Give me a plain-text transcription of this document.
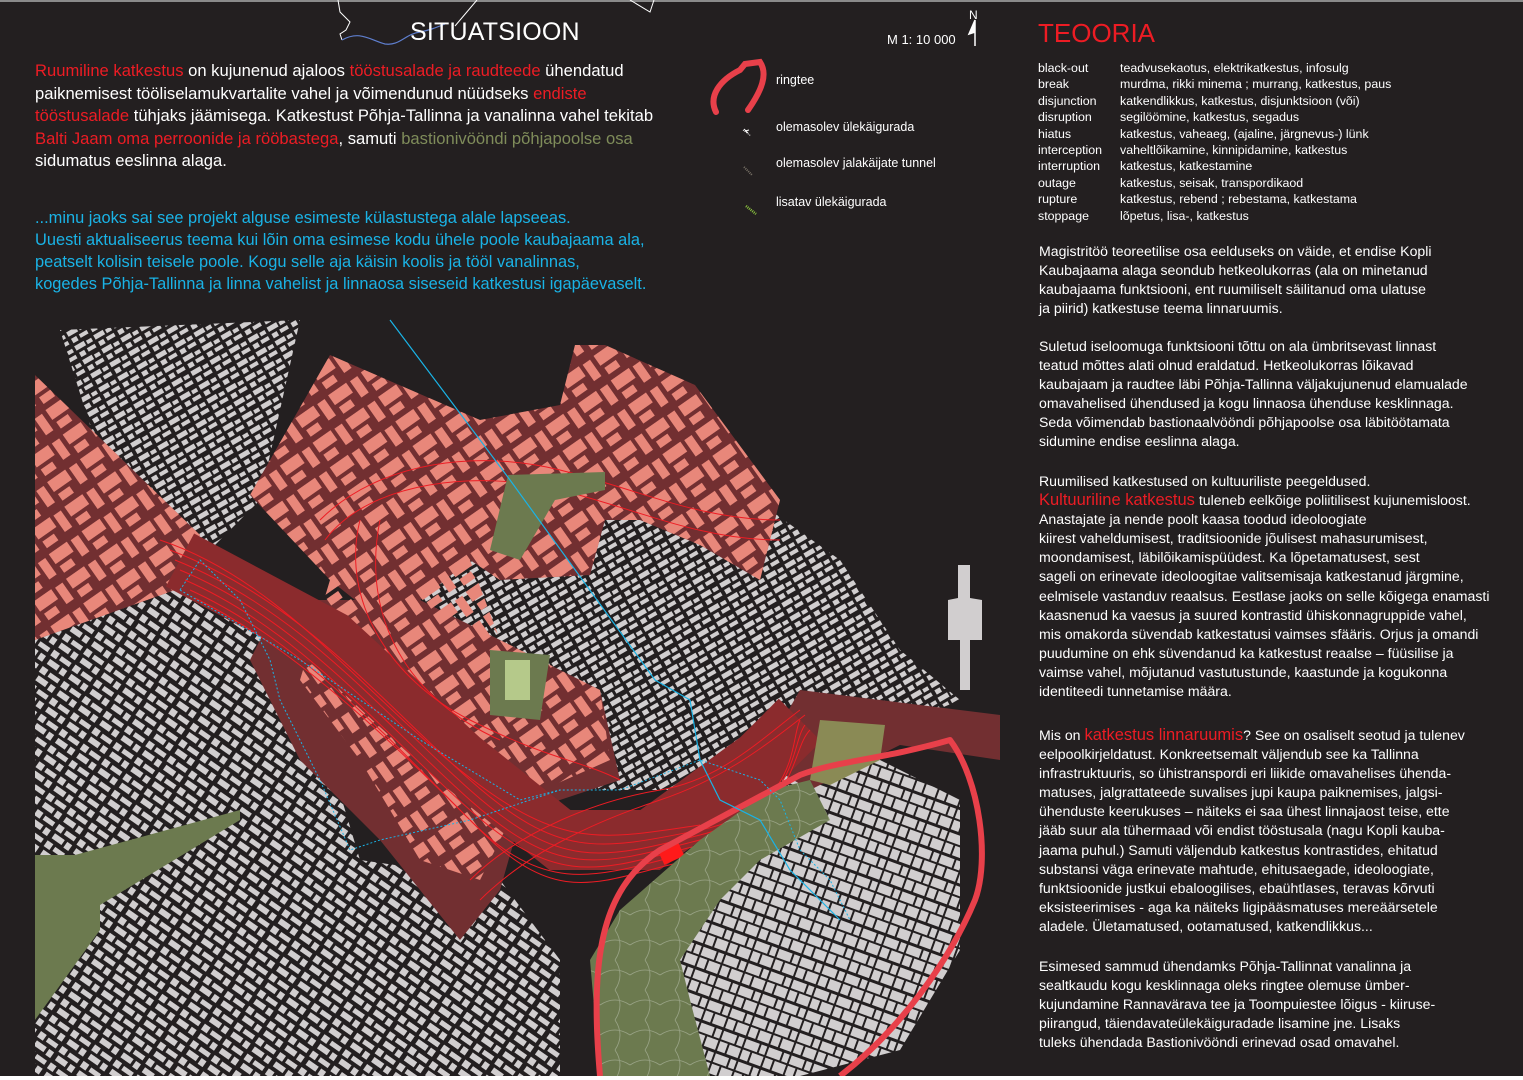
SITUATSIOON
N
M 1: 10 000
Ruumiline katkestus on kujunenud ajaloos tööstusalade ja raudteede ühendatud paiknemisest tööliselamukvartalite vahel ja võimendunud nüüdseks endiste tööstusalade tühjaks jäämisega. Katkestust Põhja-Tallinna ja vanalinna vahel tekitab Balti Jaam oma perroonide ja rööbastega, samuti bastionivööndi põhjapoolse osa sidumatus eeslinna alaga.
...minu jaoks sai see projekt alguse esimeste külastustega alale lapseeas.
Uuesti aktualiseerus teema kui lõin oma esimese kodu ühele poole kaubajaama ala,
peatselt kolisin teisele poole. Kogu selle aja käisin koolis ja tööl vanalinnas,
kogedes Põhja-Tallinna ja linna vahelist ja linnaosa siseseid katkestusi igapäevaselt.
ringtee
olemasolev ülekäigurada
olemasolev jalakäijate tunnel
lisatav ülekäigurada
TEOORIA
black-out	teadvusekaotus, elektrikatkestus, infosulg
break	murdma, rikki minema ; murrang, katkestus, paus
disjunction	katkendlikkus, katkestus, disjunktsioon (või)
disruption	segilöömine, katkestus, segadus
hiatus	katkestus, vaheaeg, (ajaline, järgnevus-) lünk
interception	vaheltlõikamine, kinnipidamine, katkestus
interruption	katkestus, katkestamine
outage	katkestus, seisak, transpordikaod
rupture	katkestus, rebend ; rebestama, katkestama
stoppage	lõpetus, lisa-, katkestus
Magistritöö teoreetilise osa eelduseks on väide, et endise Kopli
Kaubajaama alaga seondub hetkeolukorras (ala on minetanud
kaubajaama funktsiooni, ent ruumiliselt säilitanud oma ulatuse
ja piirid) katkestuse teema linnaruumis.
Suletud iseloomuga funktsiooni tõttu on ala ümbritsevast linnast
teatud mõttes alati olnud eraldatud. Hetkeolukorras lõikavad
kaubajaam ja raudtee läbi Põhja-Tallinna väljakujunenud elamualade
omavahelised ühendused ja kogu linnaosa ühenduse kesklinnaga.
Seda võimendab bastionaalvööndi põhjapoolse osa läbitöötamata
sidumine endise eeslinna alaga.
Ruumilised katkestused on kultuuriliste peegeldused.
Kultuuriline katkestus tuleneb eelkõige poliitilisest kujunemisloost.
Anastajate ja nende poolt kaasa toodud ideoloogiate
kiirest vaheldumisest, traditsioonide jõulisest mahasurumisest,
moondamisest, läbilõikamispüüdest. Ka lõpetamatusest, sest
sageli on erinevate ideoloogitae valitsemisaja katkestanud järgmine,
eelmisele vastanduv reaalsus. Eestlase jaoks on selle kõigega enamasti
kaasnenud ka vaesus ja suured kontrastid ühiskonnagruppide vahel,
mis omakorda süvendab katkestatusi vaimses sfääris. Orjus ja omandi
puudumine on ehk süvendanud ka katkestust reaalse – füüsilise ja
vaimse vahel, mõjutanud vastutustunde, kaastunde ja kogukonna
identiteedi tunnetamise määra.
Mis on katkestus linnaruumis? See on osaliselt seotud ja tulenev
eelpoolkirjeldatust. Konkreetsemalt väljendub see ka Tallinna
infrastruktuuris, so ühistranspordi eri liikide omavahelises ühenda-
matuses, jalgrattateede suvalises jupi kaupa paiknemises, jalgsi-
ühenduste keerukuses – näiteks ei saa ühest linnajaost teise, ette
jääb suur ala tühermaad või endist tööstusala (nagu Kopli kauba-
jaama puhul.) Samuti väljendub katkestus kontrastides, ehitatud
substansi väga erinevate mahtude, ehitusaegade, ideoloogiate,
funktsioonide justkui ebaloogilises, ebaühtlases, teravas kõrvuti
eksisteerimises - aga ka näiteks ligipääsmatuses mereäärsetele
aladele. Ületamatused, ootamatused, katkendlikkus...
Esimesed sammud ühendamks Põhja-Tallinnat vanalinna ja
sealtkaudu kogu kesklinnaga oleks ringtee olemuse ümber-
kujundamine Rannavärava tee ja Toompuiestee lõigus - kiiruse-
piirangud, täiendavateülekäiguradade lisamine jne. Lisaks
tuleks ühendada Bastionivööndi erinevad osad omavahel.
